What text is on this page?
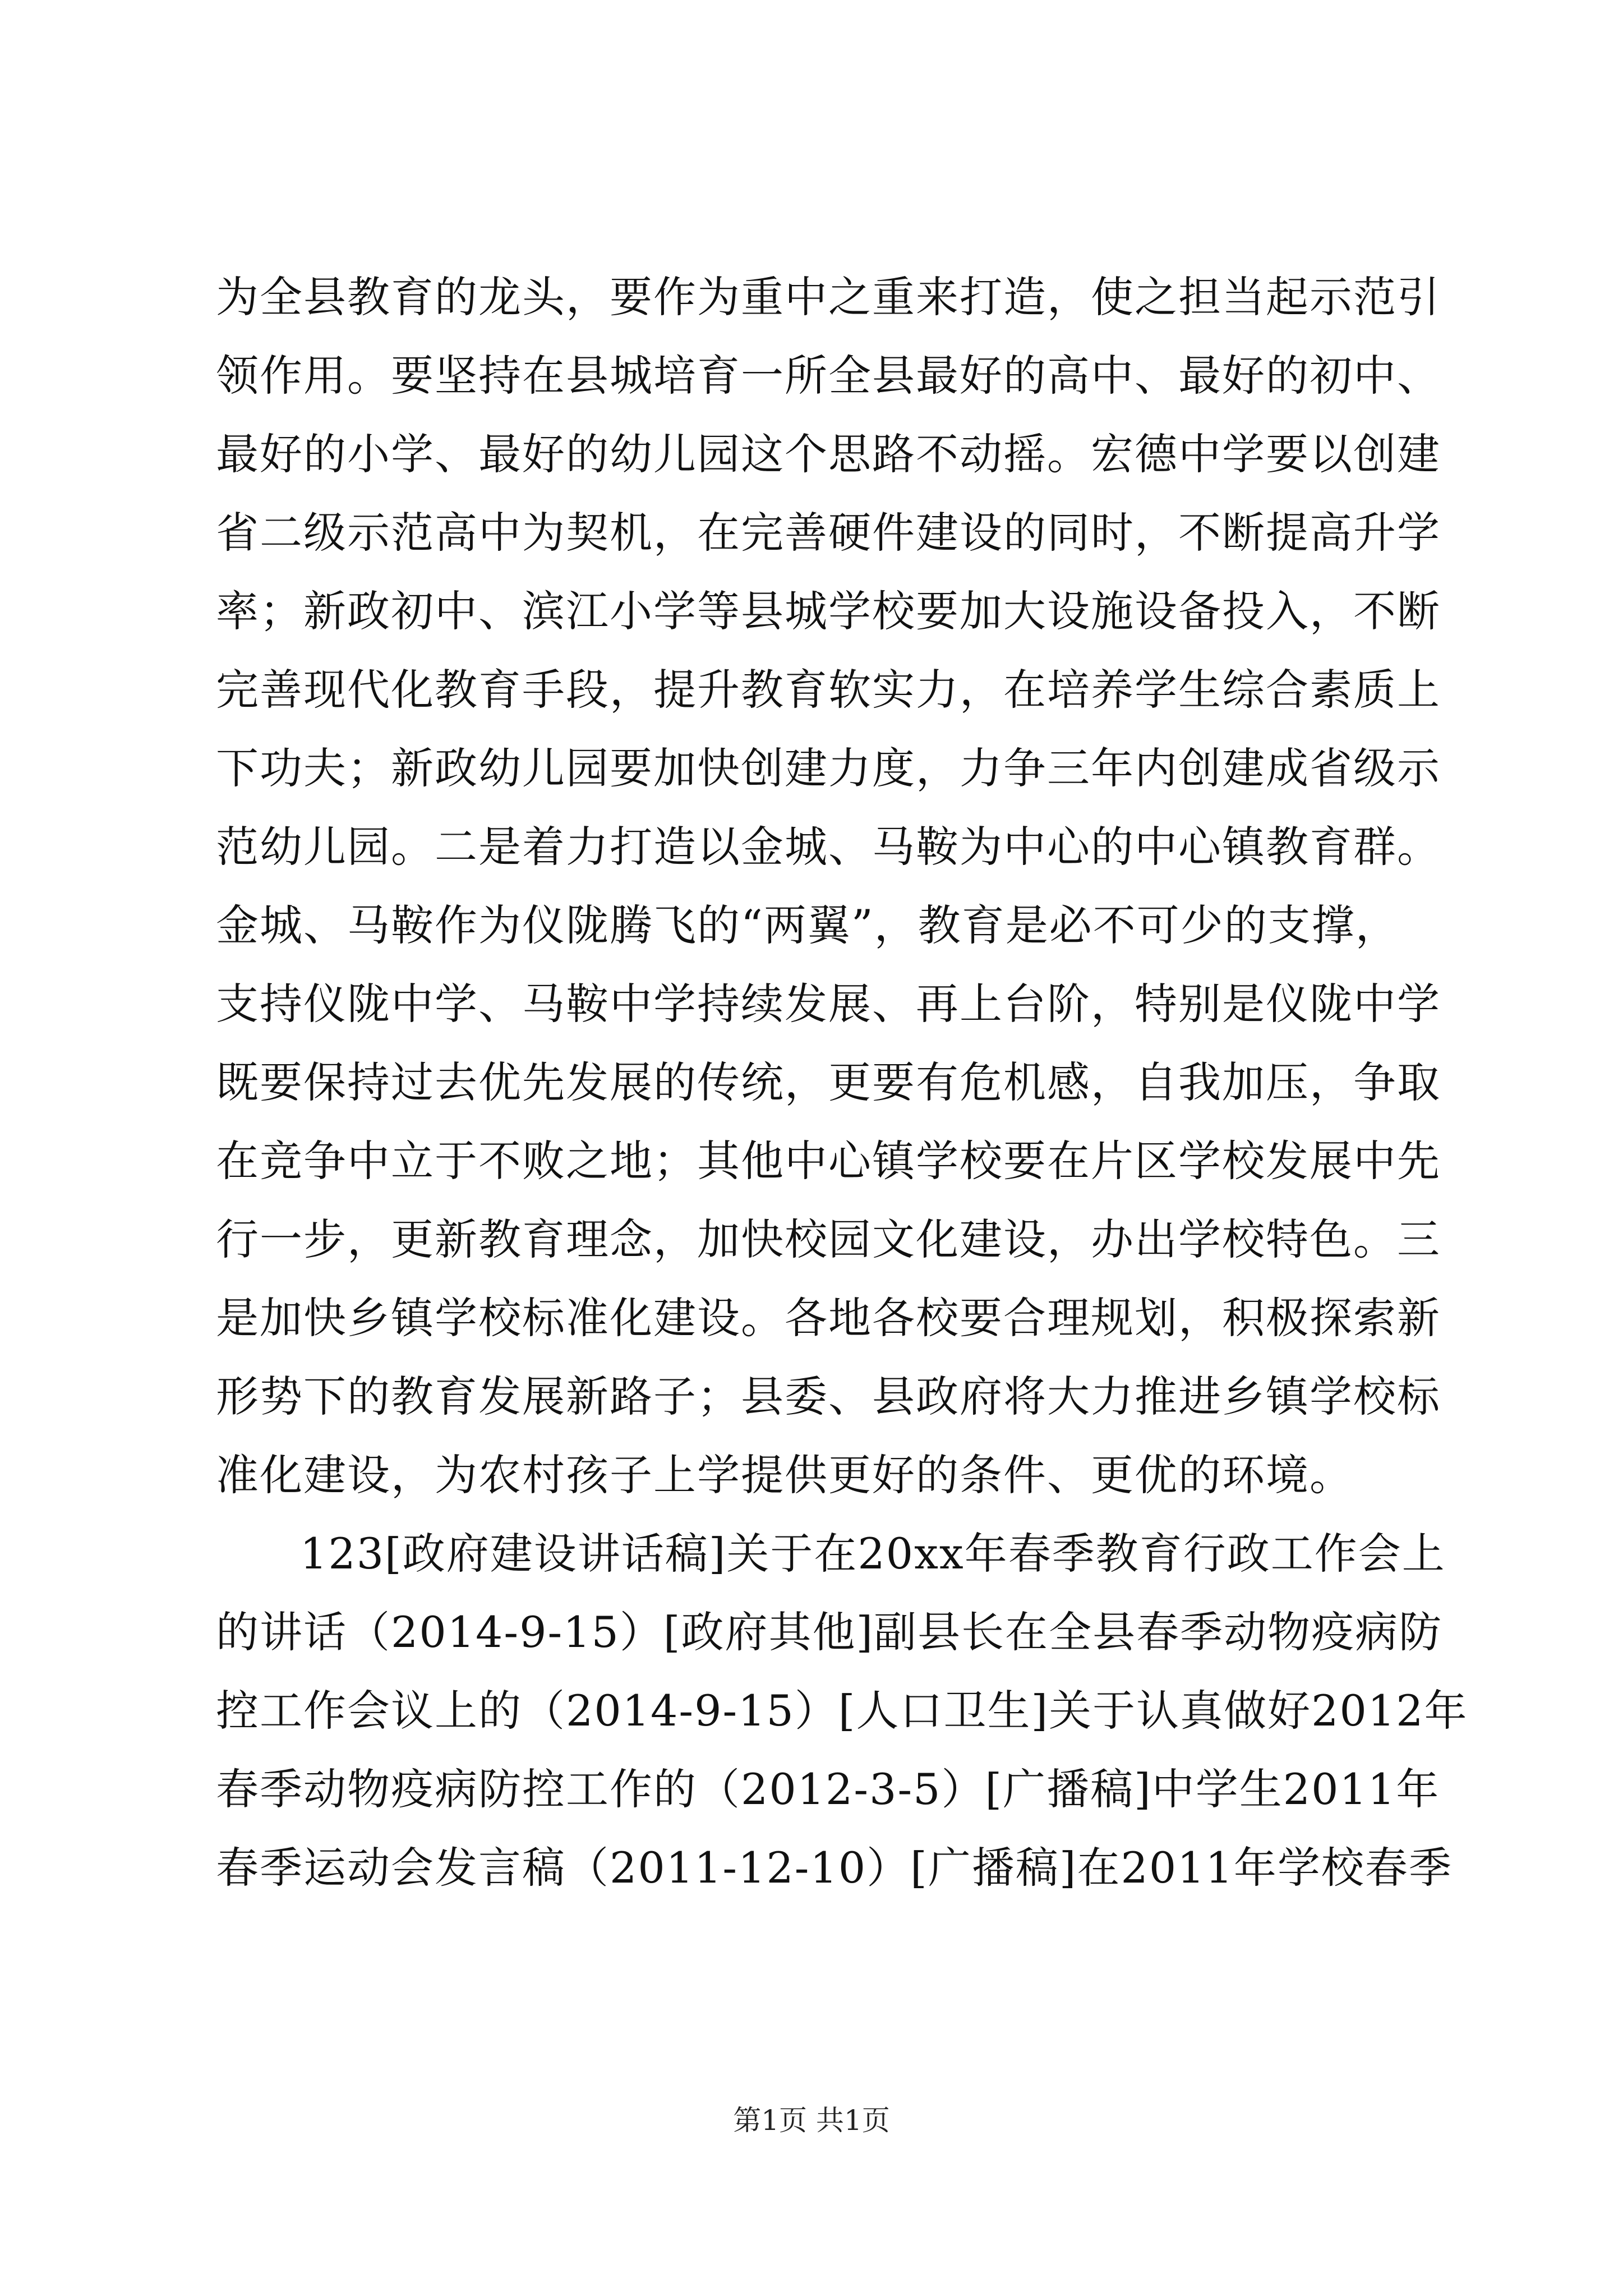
为全县教育的龙头，要作为重中之重来打造，使之担当起示范引
领作用。要坚持在县城培育一所全县最好的高中、最好的初中、
最好的小学、最好的幼儿园这个思路不动摇。宏德中学要以创建
省二级示范高中为契机，在完善硬件建设的同时，不断提高升学
率；新政初中、滨江小学等县城学校要加大设施设备投入，不断
完善现代化教育手段，提升教育软实力，在培养学生综合素质上
下功夫；新政幼儿园要加快创建力度，力争三年内创建成省级示
范幼儿园。二是着力打造以金城、马鞍为中心的中心镇教育群。
金城、马鞍作为仪陇腾飞的“两翼”，教育是必不可少的支撑，
支持仪陇中学、马鞍中学持续发展、再上台阶，特别是仪陇中学
既要保持过去优先发展的传统，更要有危机感，自我加压，争取
在竞争中立于不败之地；其他中心镇学校要在片区学校发展中先
行一步，更新教育理念，加快校园文化建设，办出学校特色。三
是加快乡镇学校标准化建设。各地各校要合理规划，积极探索新
形势下的教育发展新路子；县委、县政府将大力推进乡镇学校标
准化建设，为农村孩子上学提供更好的条件、更优的环境。
123[政府建设讲话稿]关于在20xx年春季教育行政工作会上
的讲话（2014-9-15）[政府其他]副县长在全县春季动物疫病防
控工作会议上的（2014-9-15）[人口卫生]关于认真做好2012年
春季动物疫病防控工作的（2012-3-5）[广播稿]中学生2011年
春季运动会发言稿（2011-12-10）[广播稿]在2011年学校春季
第1页 共1页
